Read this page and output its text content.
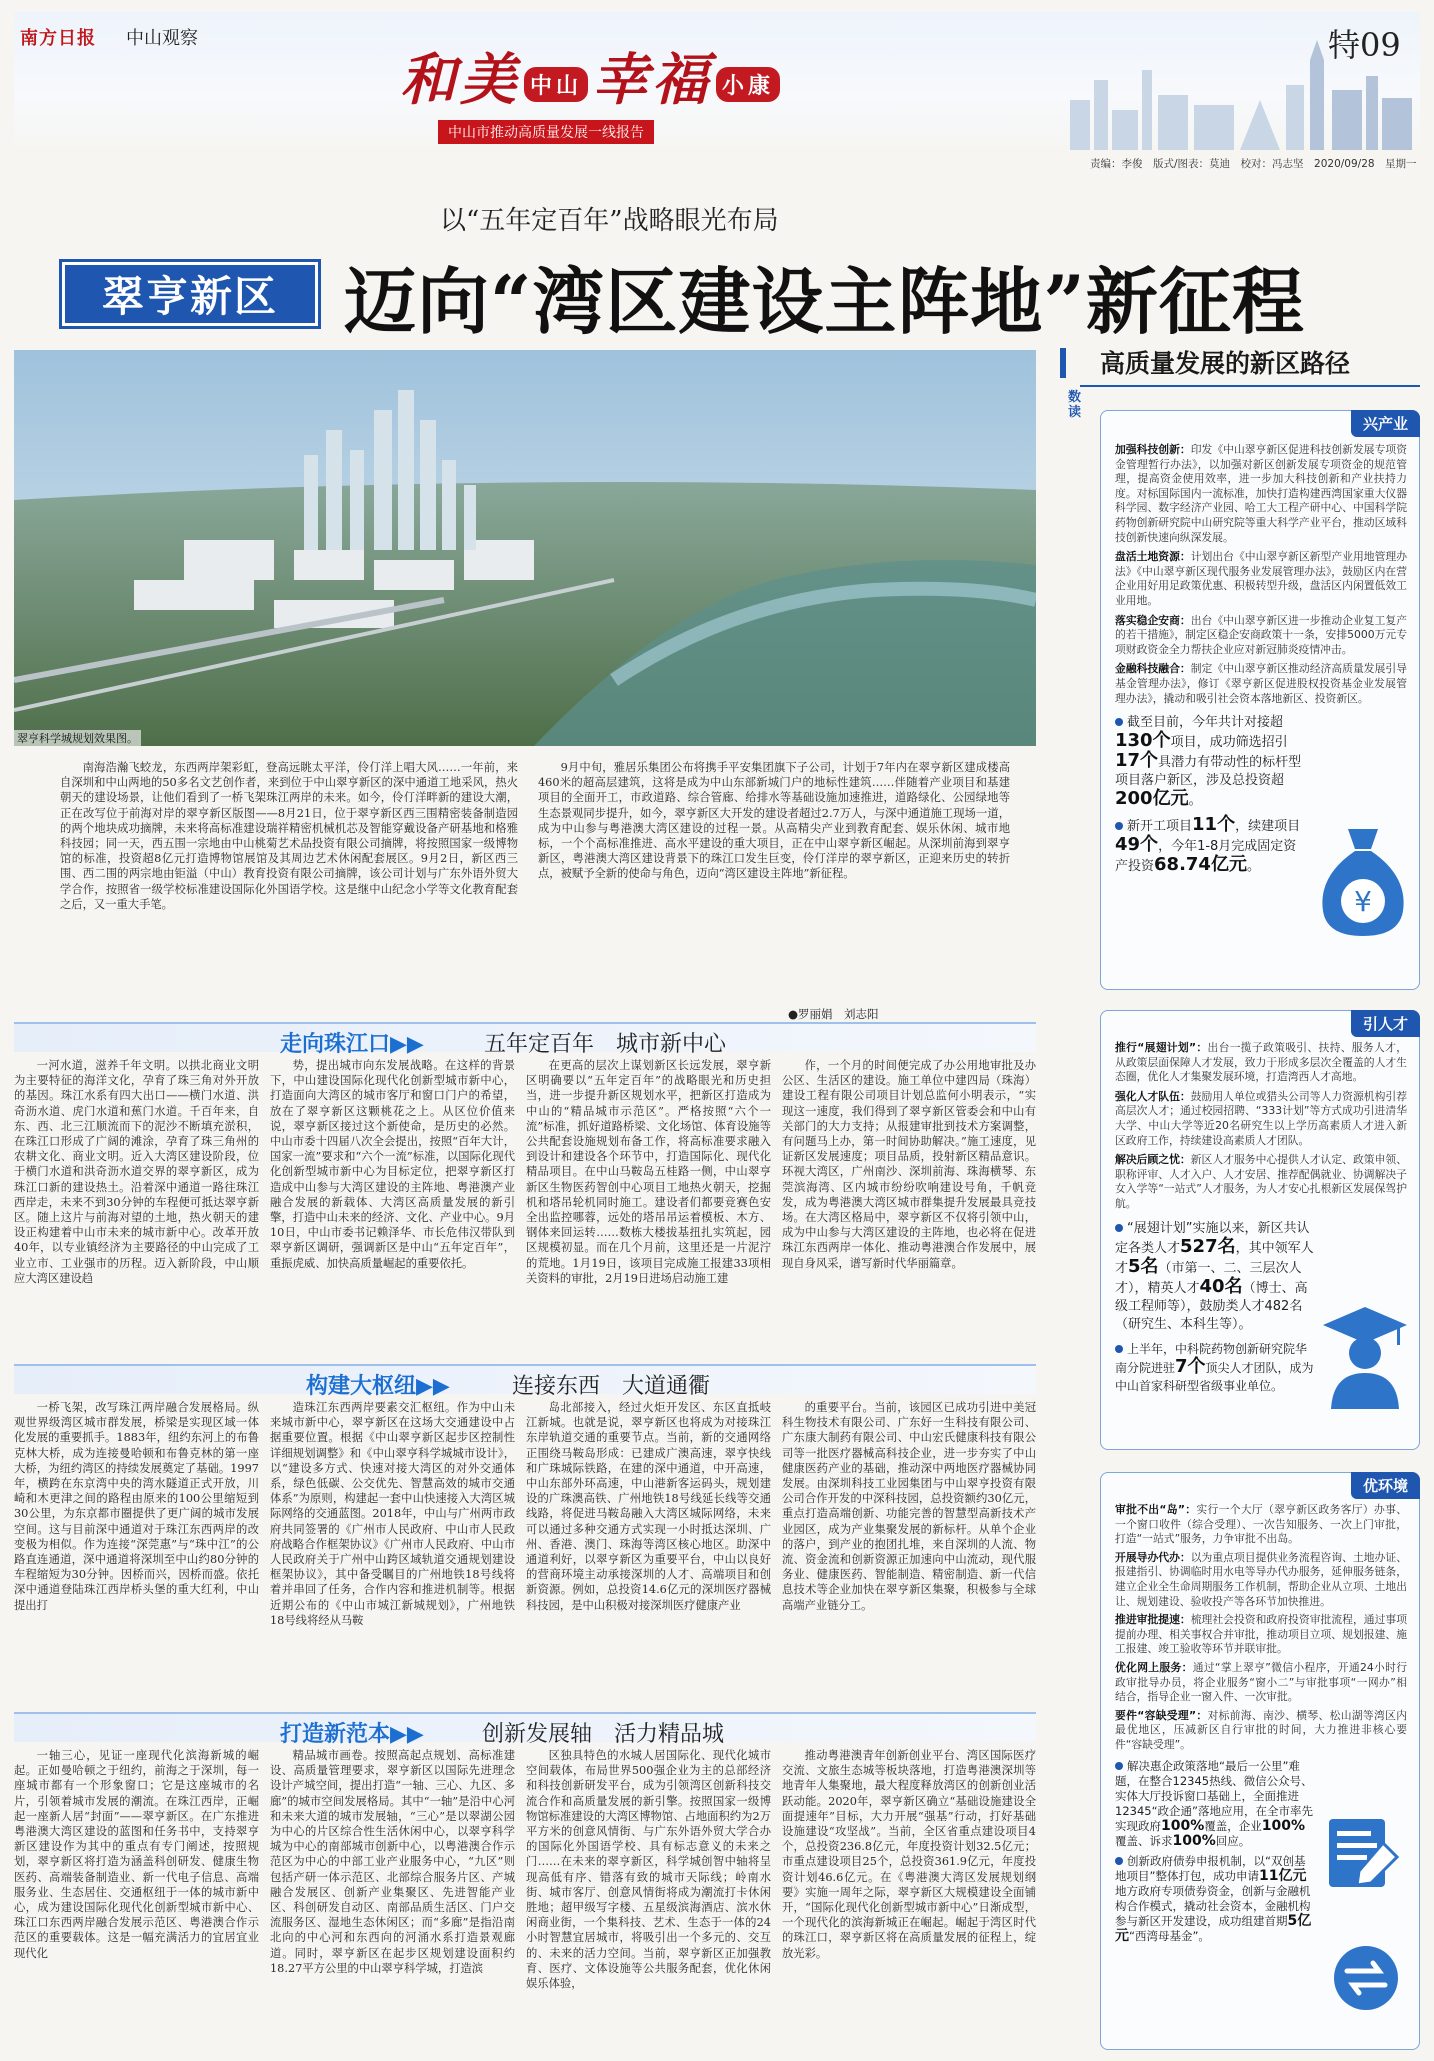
南方日报 中山观察	特09
和美 中山 幸福 小康
中山市推动高质量发展一线报告
责编：李俊　版式/图表：莫迪　校对：冯志坚　2020/09/28　星期一
以“五年定百年”战略眼光布局
翠亨新区 迈向“湾区建设主阵地”新征程
翠亨科学城规划效果图。
南海浩瀚飞蛟龙，东西两岸架彩虹，登高远眺太平洋，伶仃洋上唱大风……一年前，来自深圳和中山两地的50多名文艺创作者，来到位于中山翠亨新区的深中通道工地采风，热火朝天的建设场景，让他们看到了一桥飞架珠江两岸的未来。如今，伶仃洋畔新的建设大潮，正在改写位于前海对岸的翠亨新区版图——8月21日，位于翠亨新区西三围精密装备制造园的两个地块成功摘牌，未来将高标准建设瑞祥精密机械机芯及智能穿戴设备产研基地和格雅科技园；同一天，西五围一宗地由中山桃菊艺术品投资有限公司摘牌，将按照国家一级博物馆的标准，投资超8亿元打造博物馆展馆及其周边艺术休闲配套展区。9月2日，新区西三围、西二围的两宗地由钜溢（中山）教育投资有限公司摘牌，该公司计划与广东外语外贸大学合作，按照省一级学校标准建设国际化外国语学校。这是继中山纪念小学等文化教育配套之后，又一重大手笔。
9月中旬，雅居乐集团公布将携手平安集团旗下子公司，计划于7年内在翠亨新区建成楼高460米的超高层建筑，这将是成为中山东部新城门户的地标性建筑……伴随着产业项目和基建项目的全面开工，市政道路、综合管廊、给排水等基础设施加速推进，道路绿化、公园绿地等生态景观同步提升，如今，翠亨新区大开发的建设者超过2.7万人，与深中通道施工现场一道，成为中山参与粤港澳大湾区建设的过程一景。从高精尖产业到教育配套、娱乐休闲、城市地标，一个个高标准推进、高水平建设的重大项目，正在中山翠亨新区崛起。从深圳前海到翠亨新区，粤港澳大湾区建设背景下的珠江口发生巨变，伶仃洋岸的翠亨新区，正迎来历史的转折点，被赋予全新的使命与角色，迈向“湾区建设主阵地”新征程。
●罗丽娟　刘志阳
走向珠江口▶▶	五年定百年　城市新中心
一河水道，滋养千年文明。以拱北商业文明为主要特征的海洋文化，孕育了珠三角对外开放的基因。珠江水系有四大出口——横门水道、洪奇沥水道、虎门水道和蕉门水道。千百年来，自东、西、北三江顺流而下的泥沙不断填充淤积，在珠江口形成了广阔的滩涂，孕育了珠三角州的农耕文化、商业文明。近入大湾区建设阶段，位于横门水道和洪奇沥水道交界的翠亨新区，成为珠江口新的建设热土。沿着深中通道一路往珠江西岸走，未来不到30分钟的车程便可抵达翠亨新区。随上这片与前海对望的土地，热火朝天的建设正构建着中山市未来的城市新中心。改革开放40年，以专业镇经济为主要路径的中山完成了工业立市、工业强市的历程。迈入新阶段，中山顺应大湾区建设趋
势，提出城市向东发展战略。在这样的背景下，中山建设国际化现代化创新型城市新中心，打造面向大湾区的城市客厅和窗口门户的希望，放在了翠亨新区这颗桃花之上。从区位价值来说，翠亨新区接过这个新使命，是历史的必然。中山市委十四届八次全会提出，按照“百年大计，国家一流”要求和“六个一流”标准，以国际化现代化创新型城市新中心为目标定位，把翠亨新区打造成中山参与大湾区建设的主阵地、粤港澳产业融合发展的新载体、大湾区高质量发展的新引擎，打造中山未来的经济、文化、产业中心。9月10日，中山市委书记赖泽华、市长危伟汉带队到翠亨新区调研，强调新区是中山“五年定百年”，重振虎威、加快高质量崛起的重要依托。
在更高的层次上谋划新区长远发展，翠亨新区明确要以“五年定百年”的战略眼光和历史担当，进一步提升新区规划水平，把新区打造成为中山的“精品城市示范区”。严格按照“六个一流”标准，抓好道路桥梁、文化场馆、体育设施等公共配套设施规划布备工作，将高标准要求融入到设计和建设各个环节中，打造国际化、现代化精品项目。在中山马鞍岛五桂路一侧，中山翠亨新区生物医药智创中心项目工地热火朝天，挖掘机和塔吊轮机同时施工。建设者们都要竞赛色安全出监控哪蓉，远处的塔吊吊运着模板、木方、钢体来回运转……数栋大楼拔基扭扎实筑起，园区规模初显。而在几个月前，这里还是一片泥泞的荒地。1月19日，该项目完成施工报建33项相关资料的审批，2月19日进场启动施工建
作，一个月的时间便完成了办公用地审批及办公区、生活区的建设。施工单位中建四局（珠海）建设工程有限公司项目计划总监何小明表示，“实现这一速度，我们得到了翠亨新区管委会和中山有关部门的大力支持；从报建审批到技术方案调整，有问题马上办，第一时间协助解决。”施工速度，见证新区发展速度；项目品质，投射新区精品意识。环视大湾区，广州南沙、深圳前海、珠海横琴、东莞滨海湾、区内城市纷纷吹响建设号角，千帆竞发，成为粤港澳大湾区城市群集提升发展最具竞技场。在大湾区格局中，翠亨新区不仅将引领中山，成为中山参与大湾区建设的主阵地，也必将在促进珠江东西两岸一体化、推动粤港澳合作发展中，展现自身风采，谱写新时代华丽篇章。
构建大枢纽▶▶	连接东西　大道通衢
一桥飞架，改写珠江两岸融合发展格局。纵观世界级湾区城市群发展，桥梁是实现区域一体化发展的重要抓手。1883年，纽约东河上的布鲁克林大桥，成为连接曼哈顿和布鲁克林的第一座大桥，为纽约湾区的持续发展奠定了基础。1997年，横跨在东京湾中央的湾水隧道正式开放，川崎和木更津之间的路程由原来的100公里缩短到30公里，为东京都市圈提供了更广阔的城市发展空间。这与目前深中通道对于珠江东西两岸的改变极为相似。作为连接“深莞惠”与“珠中江”的公路直连通道，深中通道将深圳至中山约80分钟的车程缩短为30分钟。因桥而兴，因桥而盛。依托深中通道登陆珠江西岸桥头堡的重大红利，中山提出打
造珠江东西两岸要素交汇枢纽。作为中山未来城市新中心，翠亨新区在这场大交通建设中占据重要位置。根据《中山翠亨新区起步区控制性详细规划调整》和《中山翠亨科学城城市设计》，以“建设多方式、快速对接大湾区的对外交通体系，绿色低碳、公交优先、智慧高效的城市交通体系”为原则，构建起一套中山快速接入大湾区城际网络的交通蓝图。2018年，中山与广州两市政府共同签署的《广州市人民政府、中山市人民政府战略合作框架协议》《广州市人民政府、中山市人民政府关于广州中山跨区域轨道交通规划建设框架协议》，其中备受瞩目的广州地铁18号线将着并串回了任务，合作内容和推进机制等。根据近期公布的《中山市城江新城规划》，广州地铁18号线将经从马鞍
岛北部接入，经过火炬开发区、东区直抵岐江新城。也就是说，翠亨新区也将成为对接珠江东岸轨道交通的重要节点。当前，新的交通网络正围绕马鞍岛形成：已建成广澳高速，翠亨快线和广珠城际铁路，在建的深中通道，中开高速，中山东部外环高速，中山港新客运码头，规划建设的广珠澳高铁、广州地铁18号线延长线等交通线路，将促进马鞍岛融入大湾区城际网络，未来可以通过多种交通方式实现一小时抵达深圳、广州、香港、澳门、珠海等湾区核心地区。助深中通道利好，以翠亨新区为重要平台，中山以良好的营商环境主动承接深圳的人才、高端项目和创新资源。例如，总投资14.6亿元的深圳医疗器械科技园，是中山积极对接深圳医疗健康产业
的重要平台。当前，该园区已成功引进中美冠科生物技术有限公司、广东好一生科技有限公司、广东康大制药有限公司、中山宏氏健康科技有限公司等一批医疗器械高科技企业，进一步夯实了中山健康医药产业的基础，推动深中两地医疗器械协同发展。由深圳科技工业园集团与中山翠亨投资有限公司合作开发的中深科技园，总投资额约30亿元，重点打造高端创新、功能完善的智慧型高新技术产业园区，成为产业集聚发展的新标杆。从单个企业的落户，到产业的抱团扎堆，来自深圳的人流、物流、资金流和创新资源正加速向中山流动，现代服务业、健康医药、智能制造、精密制造、新一代信息技术等企业加快在翠亨新区集聚，积极参与全球高端产业链分工。
打造新范本▶▶	创新发展轴　活力精品城
一轴三心，见证一座现代化滨海新城的崛起。正如曼哈顿之于纽约，前海之于深圳，每一座城市都有一个形象窗口；它是这座城市的名片，引领着城市发展的潮流。在珠江西岸，正崛起一座新人居“封面”——翠亨新区。在广东推进粤港澳大湾区建设的蓝图和任务书中，支持翠亨新区建设作为其中的重点有专门阐述，按照规划，翠亨新区将打造为涵盖科创研发、健康生物医药、高端装备制造业、新一代电子信息、高端服务业、生态居住、交通枢纽于一体的城市新中心，成为建设国际化现代化创新型城市新中心、珠江口东西两岸融合发展示范区、粤港澳合作示范区的重要载体。这是一幅充满活力的宜居宜业现代化
精品城市画卷。按照高起点规划、高标准建设、高质量管理要求，翠亨新区以国际先进理念设计产城空间，提出打造“一轴、三心、九区、多廊”的城市空间发展格局。其中“一轴”是沿中心河和未来大道的城市发展轴，“三心”是以翠湖公园为中心的片区综合性生活休闲中心，以翠亨科学城为中心的南部城市创新中心，以粤港澳合作示范区为中心的中部工业产业服务中心，“九区”则包括产研一体示范区、北部综合服务片区、产城融合发展区、创新产业集聚区、先进智能产业区、科创研发自动区、南部品质生活区、门户交流服务区、湿地生态休闲区；而“多廊”是指沿南北向的中心河和东西向的河涌水系打造景观廊道。同时，翠亨新区在起步区规划建设面积约18.27平方公里的中山翠亨科学城，打造滨
区独具特色的水城人居国际化、现代化城市空间载体，布局世界500强企业为主的总部经济和科技创新研发平台，成为引领湾区创新科技交流合作和高质量发展的新引擎。按照国家一级博物馆标准建设的大湾区博物馆、占地面积约为2万平方米的创意风情街、与广东外语外贸大学合办的国际化外国语学校、具有标志意义的未来之门……在未来的翠亨新区，科学城创智中轴将呈现高低有序、错落有致的城市天际线；岭南水街、城市客厅、创意风情街将成为潮流打卡休闲胜地；超甲级写字楼、五星级滨海酒店、滨水休闲商业街，一个集科技、艺术、生态于一体的24小时智慧宜居城市，将吸引出一个多元的、交互的、未来的活力空间。当前，翠亨新区正加强教育、医疗、文体设施等公共服务配套，优化休闲娱乐体验，
推动粤港澳青年创新创业平台、湾区国际医疗交流、文旅生态城等板块落地，打造粤港澳深圳等地青年人集聚地，最大程度释放湾区的创新创业活跃动能。2020年，翠亨新区确立“基础设施建设全面提速年”目标，大力开展“强基”行动，打好基础设施建设“攻坚战”。当前，全区省重点建设项目4个，总投资236.8亿元，年度投资计划32.5亿元；市重点建设项目25个，总投资361.9亿元，年度投资计划46.6亿元。在《粤港澳大湾区发展规划纲要》实施一周年之际，翠亨新区大规模建设全面铺开，“国际化现代化创新型城市新中心”日渐成型，一个现代化的滨海新城正在崛起。崛起于湾区时代的珠江口，翠亨新区将在高质量发展的征程上，绽放光彩。
高质量发展的新区路径
数读
兴产业
加强科技创新：印发《中山翠亨新区促进科技创新发展专项资金管理暂行办法》，以加强对新区创新发展专项资金的规范管理，提高资金使用效率，进一步加大科技创新和产业扶持力度。对标国际国内一流标准，加快打造构建西湾国家重大仪器科学园、数字经济产业园、哈工大工程产研中心、中国科学院药物创新研究院中山研究院等重大科学产业平台，推动区域科技创新快速向纵深发展。
盘活土地资源：计划出台《中山翠亨新区新型产业用地管理办法》《中山翠亨新区现代服务业发展管理办法》，鼓励区内在营企业用好用足政策优惠、积极转型升级，盘活区内闲置低效工业用地。
落实稳企安商：出台《中山翠亨新区进一步推动企业复工复产的若干措施》，制定区稳企安商政策十一条，安排5000万元专项财政资金全力帮扶企业应对新冠肺炎疫情冲击。
金融科技融合：制定《中山翠亨新区推动经济高质量发展引导基金管理办法》，修订《翠亨新区促进股权投资基金业发展管理办法》，撬动和吸引社会资本落地新区、投资新区。
截至目前，今年共计对接超130个项目，成功筛选招引17个具潜力有带动性的标杆型项目落户新区，涉及总投资超200亿元。
新开工项目11个，续建项目49个，今年1-8月完成固定资产投资68.74亿元。
¥
引人才
推行“展翅计划”：出台一揽子政策吸引、扶持、服务人才，从政策层面保障人才发展，致力于形成多层次全覆盖的人才生态圈，优化人才集聚发展环境，打造湾西人才高地。
强化人才队伍：鼓励用人单位或猎头公司等人力资源机构引荐高层次人才；通过校园招聘、“333计划”等方式成功引进清华大学、中山大学等近20名研究生以上学历高素质人才进入新区政府工作，持续建设高素质人才团队。
解决后顾之忧：新区人才服务中心提供人才认定、政策申领、职称评审、人才入户、人才安居、推荐配偶就业、协调解决子女入学等“一站式”人才服务，为人才安心扎根新区发展保驾护航。
“展翅计划”实施以来，新区共认定各类人才527名，其中领军人才5名（市第一、二、三层次人才），精英人才40名（博士、高级工程师等），鼓励类人才482名（研究生、本科生等）。
上半年，中科院药物创新研究院华南分院进驻7个顶尖人才团队，成为中山首家科研型省级事业单位。
优环境
审批不出“岛”：实行一个大厅（翠亨新区政务客厅）办事、一个窗口收件（综合受理）、一次告知服务、一次上门审批，打造“一站式”服务，力争审批不出岛。
开展导办代办：以为重点项目提供业务流程咨询、土地办证、报建指引、协调临时用水电等导办代办服务，延伸服务链条，建立企业全生命周期服务工作机制，帮助企业从立项、土地出让、规划建设、验收投产等各环节加快推进。
推进审批提速：梳理社会投资和政府投资审批流程，通过事项提前办理、相关事权合并审批，推动项目立项、规划报建、施工报建、竣工验收等环节并联审批。
优化网上服务：通过“掌上翠亨”微信小程序，开通24小时行政审批导办员，将企业服务“窗小二”与审批事项“一网办”相结合，指导企业一窗入件、一次审批。
要件“容缺受理”：对标前海、南沙、横琴、松山湖等湾区内最优地区，压减新区自行审批的时间，大力推进非核心要件“容缺受理”。
解决惠企政策落地“最后一公里”难题，在整合12345热线、微信公众号、实体大厅投诉窗口基础上，全面推进12345“政企通”落地应用，在全市率先实现政府100%覆盖，企业100%覆盖、诉求100%回应。
创新政府债券申报机制，以“双创基地项目”整体打包，成功申请11亿元地方政府专项债券资金，创新与金融机构合作模式，撬动社会资本，金融机构参与新区开发建设，成功组建首期5亿元“西湾母基金”。
